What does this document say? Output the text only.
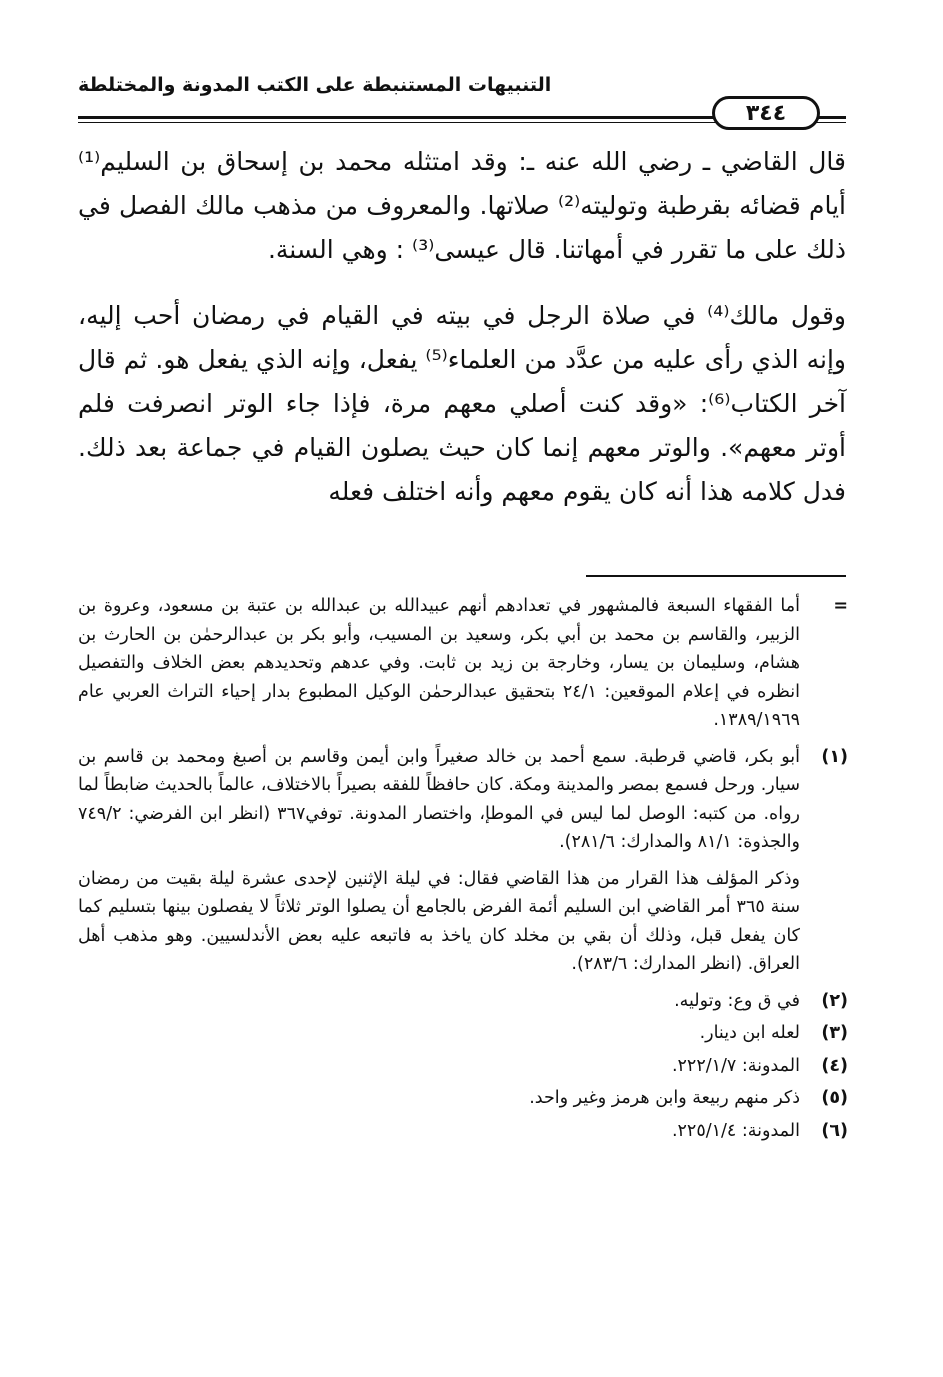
التنبيهات المستنبطة على الكتب المدونة والمختلطة
٣٤٤

قال القاضي ـ رضي الله عنه ـ: وقد امتثله محمد بن إسحاق بن السليم⁽¹⁾ أيام قضائه بقرطبة وتوليته⁽²⁾ صلاتها. والمعروف من مذهب مالك الفصل في ذلك على ما تقرر في أمهاتنا. قال عيسى⁽³⁾ : وهي السنة.

وقول مالك⁽⁴⁾ في صلاة الرجل في بيته في القيام في رمضان أحب إليه، وإنه الذي رأى عليه من عدَّد من العلماء⁽⁵⁾ يفعل، وإنه الذي يفعل هو. ثم قال آخر الكتاب⁽⁶⁾: «وقد كنت أصلي معهم مرة، فإذا جاء الوتر انصرفت فلم أوتر معهم». والوتر معهم إنما كان حيث يصلون القيام في جماعة بعد ذلك. فدل كلامه هذا أنه كان يقوم معهم وأنه اختلف فعله

=
أما الفقهاء السبعة فالمشهور في تعدادهم أنهم عبيدالله بن عبدالله بن عتبة بن مسعود، وعروة بن الزبير، والقاسم بن محمد بن أبي بكر، وسعيد بن المسيب، وأبو بكر بن عبدالرحمٰن بن الحارث بن هشام، وسليمان بن يسار، وخارجة بن زيد بن ثابت. وفي عدهم وتحديدهم بعض الخلاف والتفصيل انظره في إعلام الموقعين: ٢٤/١ بتحقيق عبدالرحمٰن الوكيل المطبوع بدار إحياء التراث العربي عام ١٣٨٩/١٩٦٩.
(١)
أبو بكر، قاضي قرطبة. سمع أحمد بن خالد صغيراً وابن أيمن وقاسم بن أصبغ ومحمد بن قاسم بن سيار. ورحل فسمع بمصر والمدينة ومكة. كان حافظاً للفقه بصيراً بالاختلاف، عالماً بالحديث ضابطاً لما رواه. من كتبه: الوصل لما ليس في الموطإ، واختصار المدونة. توفي٣٦٧ (انظر ابن الفرضي: ٧٤٩/٢ والجذوة: ٨١/١ والمدارك: ٢٨١/٦).
وذكر المؤلف هذا القرار من هذا القاضي فقال: في ليلة الإثنين لإحدى عشرة ليلة بقيت من رمضان سنة ٣٦٥ أمر القاضي ابن السليم أئمة الفرض بالجامع أن يصلوا الوتر ثلاثاً لا يفصلون بينها بتسليم كما كان يفعل قبل، وذلك أن بقي بن مخلد كان ياخذ به فاتبعه عليه بعض الأندلسيين. وهو مذهب أهل العراق. (انظر المدارك: ٢٨٣/٦).
(٢)
في ق وع: وتوليه.
(٣)
لعله ابن دينار.
(٤)
المدونة: ٢٢٢/١/٧.
(٥)
ذكر منهم ربيعة وابن هرمز وغير واحد.
(٦)
المدونة: ٢٢٥/١/٤.
